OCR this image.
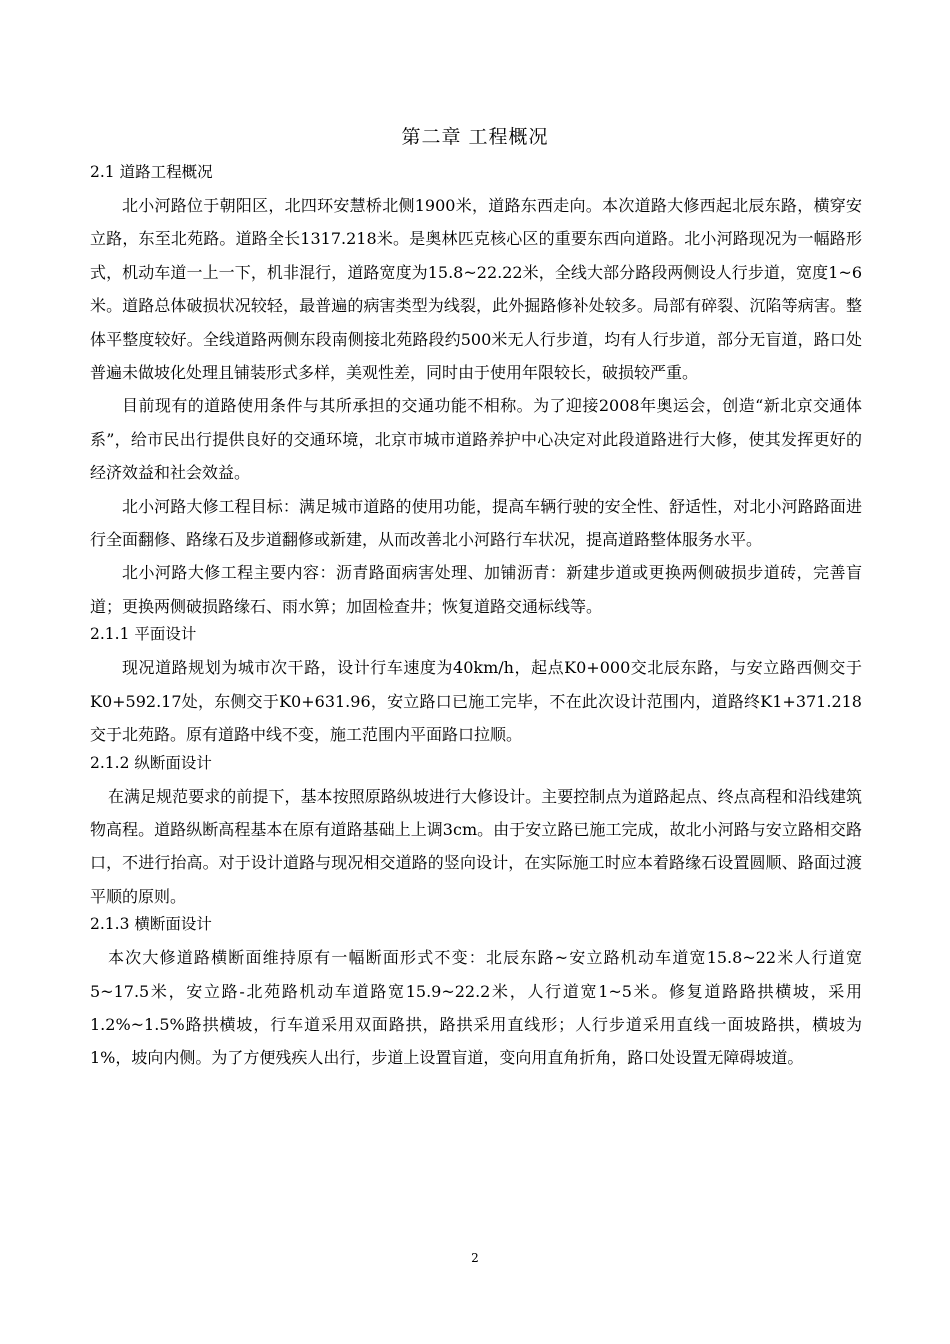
第二章 工程概况
2.1 道路工程概况

北小河路位于朝阳区，北四环安慧桥北侧1900米，道路东西走向。本次道路大修西起北辰东路，横穿安立路，东至北苑路。道路全长1317.218米。是奥林匹克核心区的重要东西向道路。北小河路现况为一幅路形式，机动车道一上一下，机非混行，道路宽度为15.8~22.22米，全线大部分路段两侧设人行步道，宽度1~6米。道路总体破损状况较轻，最普遍的病害类型为线裂，此外掘路修补处较多。局部有碎裂、沉陷等病害。整体平整度较好。全线道路两侧东段南侧接北苑路段约500米无人行步道，均有人行步道，部分无盲道，路口处普遍未做坡化处理且铺装形式多样，美观性差，同时由于使用年限较长，破损较严重。

目前现有的道路使用条件与其所承担的交通功能不相称。为了迎接2008年奥运会，创造“新北京交通体系”，给市民出行提供良好的交通环境，北京市城市道路养护中心决定对此段道路进行大修，使其发挥更好的经济效益和社会效益。

北小河路大修工程目标：满足城市道路的使用功能，提高车辆行驶的安全性、舒适性，对北小河路路面进行全面翻修、路缘石及步道翻修或新建，从而改善北小河路行车状况，提高道路整体服务水平。

北小河路大修工程主要内容：沥青路面病害处理、加铺沥青：新建步道或更换两侧破损步道砖，完善盲道；更换两侧破损路缘石、雨水箅；加固检查井；恢复道路交通标线等。

2.1.1 平面设计

现况道路规划为城市次干路，设计行车速度为40km/h，起点K0+000交北辰东路，与安立路西侧交于K0+592.17处，东侧交于K0+631.96，安立路口已施工完毕，不在此次设计范围内，道路终K1+371.218交于北苑路。原有道路中线不变，施工范围内平面路口拉顺。

2.1.2 纵断面设计

在满足规范要求的前提下，基本按照原路纵坡进行大修设计。主要控制点为道路起点、终点高程和沿线建筑物高程。道路纵断高程基本在原有道路基础上上调3cm。由于安立路已施工完成，故北小河路与安立路相交路口，不进行抬高。对于设计道路与现况相交道路的竖向设计，在实际施工时应本着路缘石设置圆顺、路面过渡平顺的原则。

2.1.3 横断面设计

本次大修道路横断面维持原有一幅断面形式不变：北辰东路~安立路机动车道宽15.8~22米人行道宽5~17.5米，安立路-北苑路机动车道路宽15.9~22.2米，人行道宽1~5米。修复道路路拱横坡，采用1.2%~1.5%路拱横坡，行车道采用双面路拱，路拱采用直线形；人行步道采用直线一面坡路拱，横坡为1%，坡向内侧。为了方便残疾人出行，步道上设置盲道，变向用直角折角，路口处设置无障碍坡道。

2
